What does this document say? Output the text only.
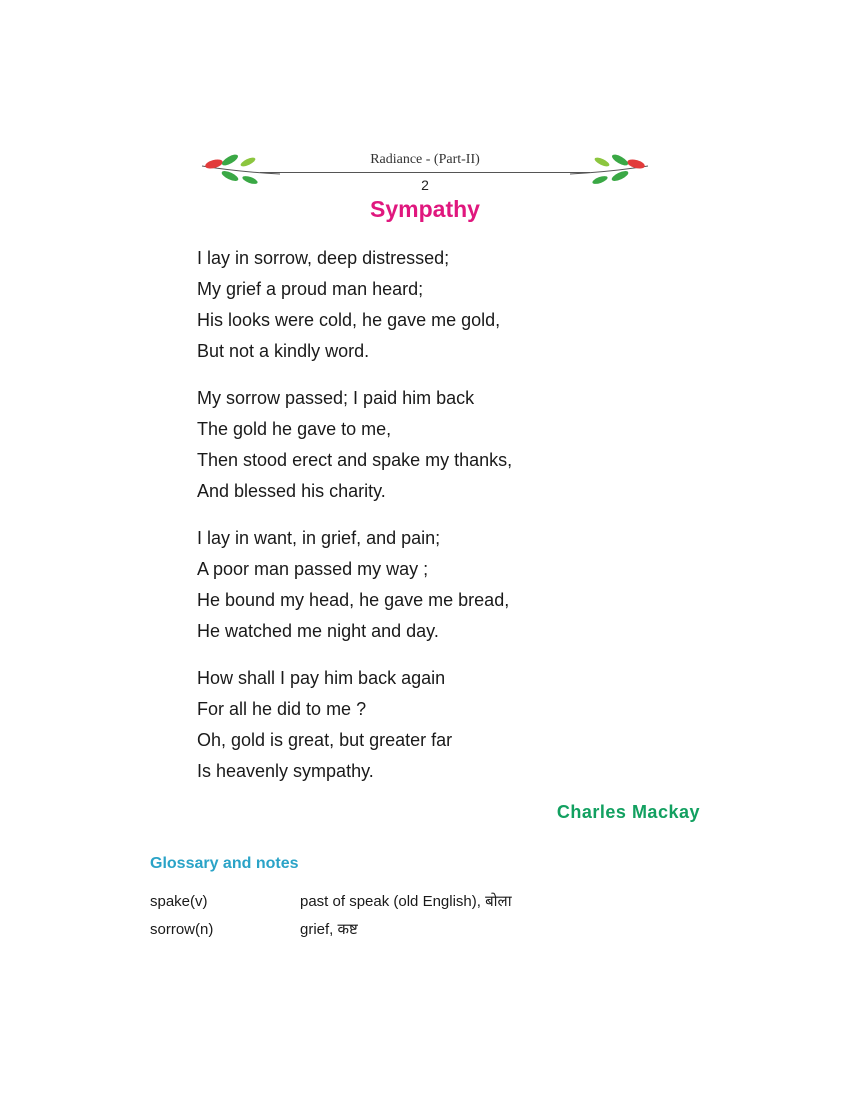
Radiance - (Part-II)
2
Sympathy
I lay in sorrow, deep distressed;
My grief a proud man heard;
His looks were cold, he gave me gold,
But not a kindly word.
My sorrow passed; I paid him back
The gold he gave to me,
Then stood erect and spake my thanks,
And blessed his charity.
I lay in want, in grief, and pain;
A poor man passed my way ;
He bound my head, he gave me bread,
He watched me night and day.
How shall I pay him back again
For all he did to me ?
Oh, gold is great, but greater far
Is heavenly sympathy.
Charles Mackay
Glossary and notes
spake(v)	past of speak (old English), बोला
sorrow(n)	grief, कष्ट
